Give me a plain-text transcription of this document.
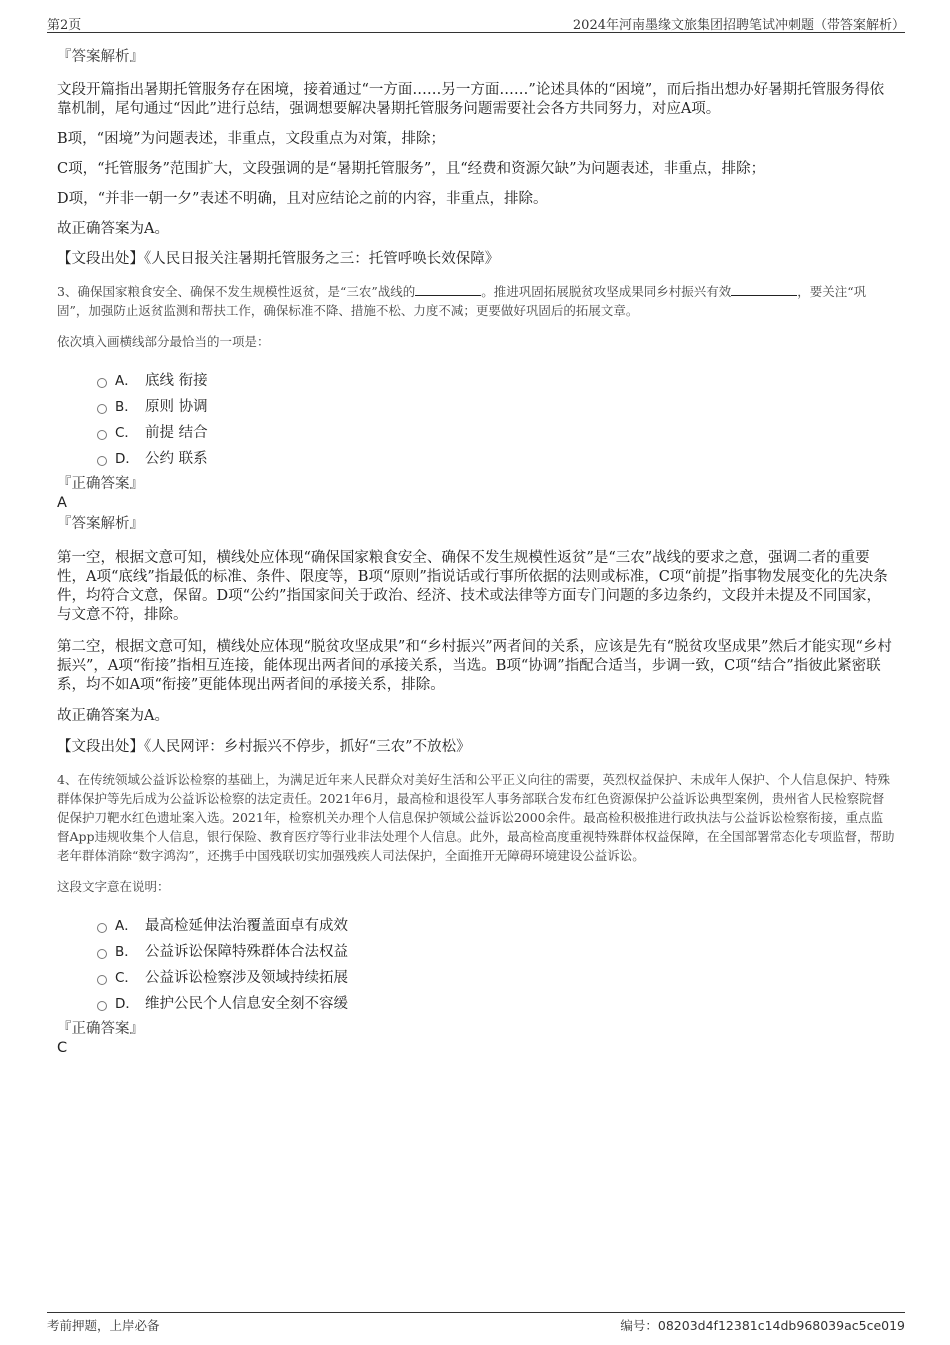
第2页	2024年河南墨缘文旅集团招聘笔试冲刺题（带答案解析）

『答案解析』

文段开篇指出暑期托管服务存在困境，接着通过“一方面……另一方面……”论述具体的“困境”，而后指出想办好暑期托管服务得依靠机制，尾句通过“因此”进行总结，强调想要解决暑期托管服务问题需要社会各方共同努力，对应A项。

B项，“困境”为问题表述，非重点，文段重点为对策，排除；

C项，“托管服务”范围扩大，文段强调的是“暑期托管服务”，且“经费和资源欠缺”为问题表述，非重点，排除；

D项，“并非一朝一夕”表述不明确，且对应结论之前的内容，非重点，排除。

故正确答案为A。

【文段出处】《人民日报关注暑期托管服务之三：托管呼唤长效保障》

3、确保国家粮食安全、确保不发生规模性返贫，是“三农”战线的	。推进巩固拓展脱贫攻坚成果同乡村振兴有效	，要关注“巩固”，加强防止返贫监测和帮扶工作，确保标准不降、措施不松、力度不减；更要做好巩固后的拓展文章。

依次填入画横线部分最恰当的一项是：

A． 底线 衔接
B． 原则 协调
C． 前提 结合
D． 公约 联系

『正确答案』

A

『答案解析』

第一空，根据文意可知，横线处应体现“确保国家粮食安全、确保不发生规模性返贫”是“三农”战线的要求之意，强调二者的重要性，A项“底线”指最低的标准、条件、限度等，B项“原则”指说话或行事所依据的法则或标准，C项“前提”指事物发展变化的先决条件，均符合文意，保留。D项“公约”指国家间关于政治、经济、技术或法律等方面专门问题的多边条约，文段并未提及不同国家，与文意不符，排除。

第二空，根据文意可知，横线处应体现“脱贫攻坚成果”和“乡村振兴”两者间的关系，应该是先有“脱贫攻坚成果”然后才能实现“乡村振兴”，A项“衔接”指相互连接，能体现出两者间的承接关系，当选。B项“协调”指配合适当，步调一致，C项“结合”指彼此紧密联系，均不如A项“衔接”更能体现出两者间的承接关系，排除。

故正确答案为A。

【文段出处】《人民网评：乡村振兴不停步，抓好“三农”不放松》

4、在传统领域公益诉讼检察的基础上，为满足近年来人民群众对美好生活和公平正义向往的需要，英烈权益保护、未成年人保护、个人信息保护、特殊群体保护等先后成为公益诉讼检察的法定责任。2021年6月，最高检和退役军人事务部联合发布红色资源保护公益诉讼典型案例，贵州省人民检察院督促保护刀靶水红色遗址案入选。2021年，检察机关办理个人信息保护领域公益诉讼2000余件。最高检积极推进行政执法与公益诉讼检察衔接，重点监督App违规收集个人信息，银行保险、教育医疗等行业非法处理个人信息。此外，最高检高度重视特殊群体权益保障，在全国部署常态化专项监督，帮助老年群体消除“数字鸿沟”，还携手中国残联切实加强残疾人司法保护，全面推开无障碍环境建设公益诉讼。

这段文字意在说明：

A． 最高检延伸法治覆盖面卓有成效
B． 公益诉讼保障特殊群体合法权益
C． 公益诉讼检察涉及领域持续拓展
D． 维护公民个人信息安全刻不容缓

『正确答案』

C

考前押题，上岸必备	编号：08203d4f12381c14db968039ac5ce019
